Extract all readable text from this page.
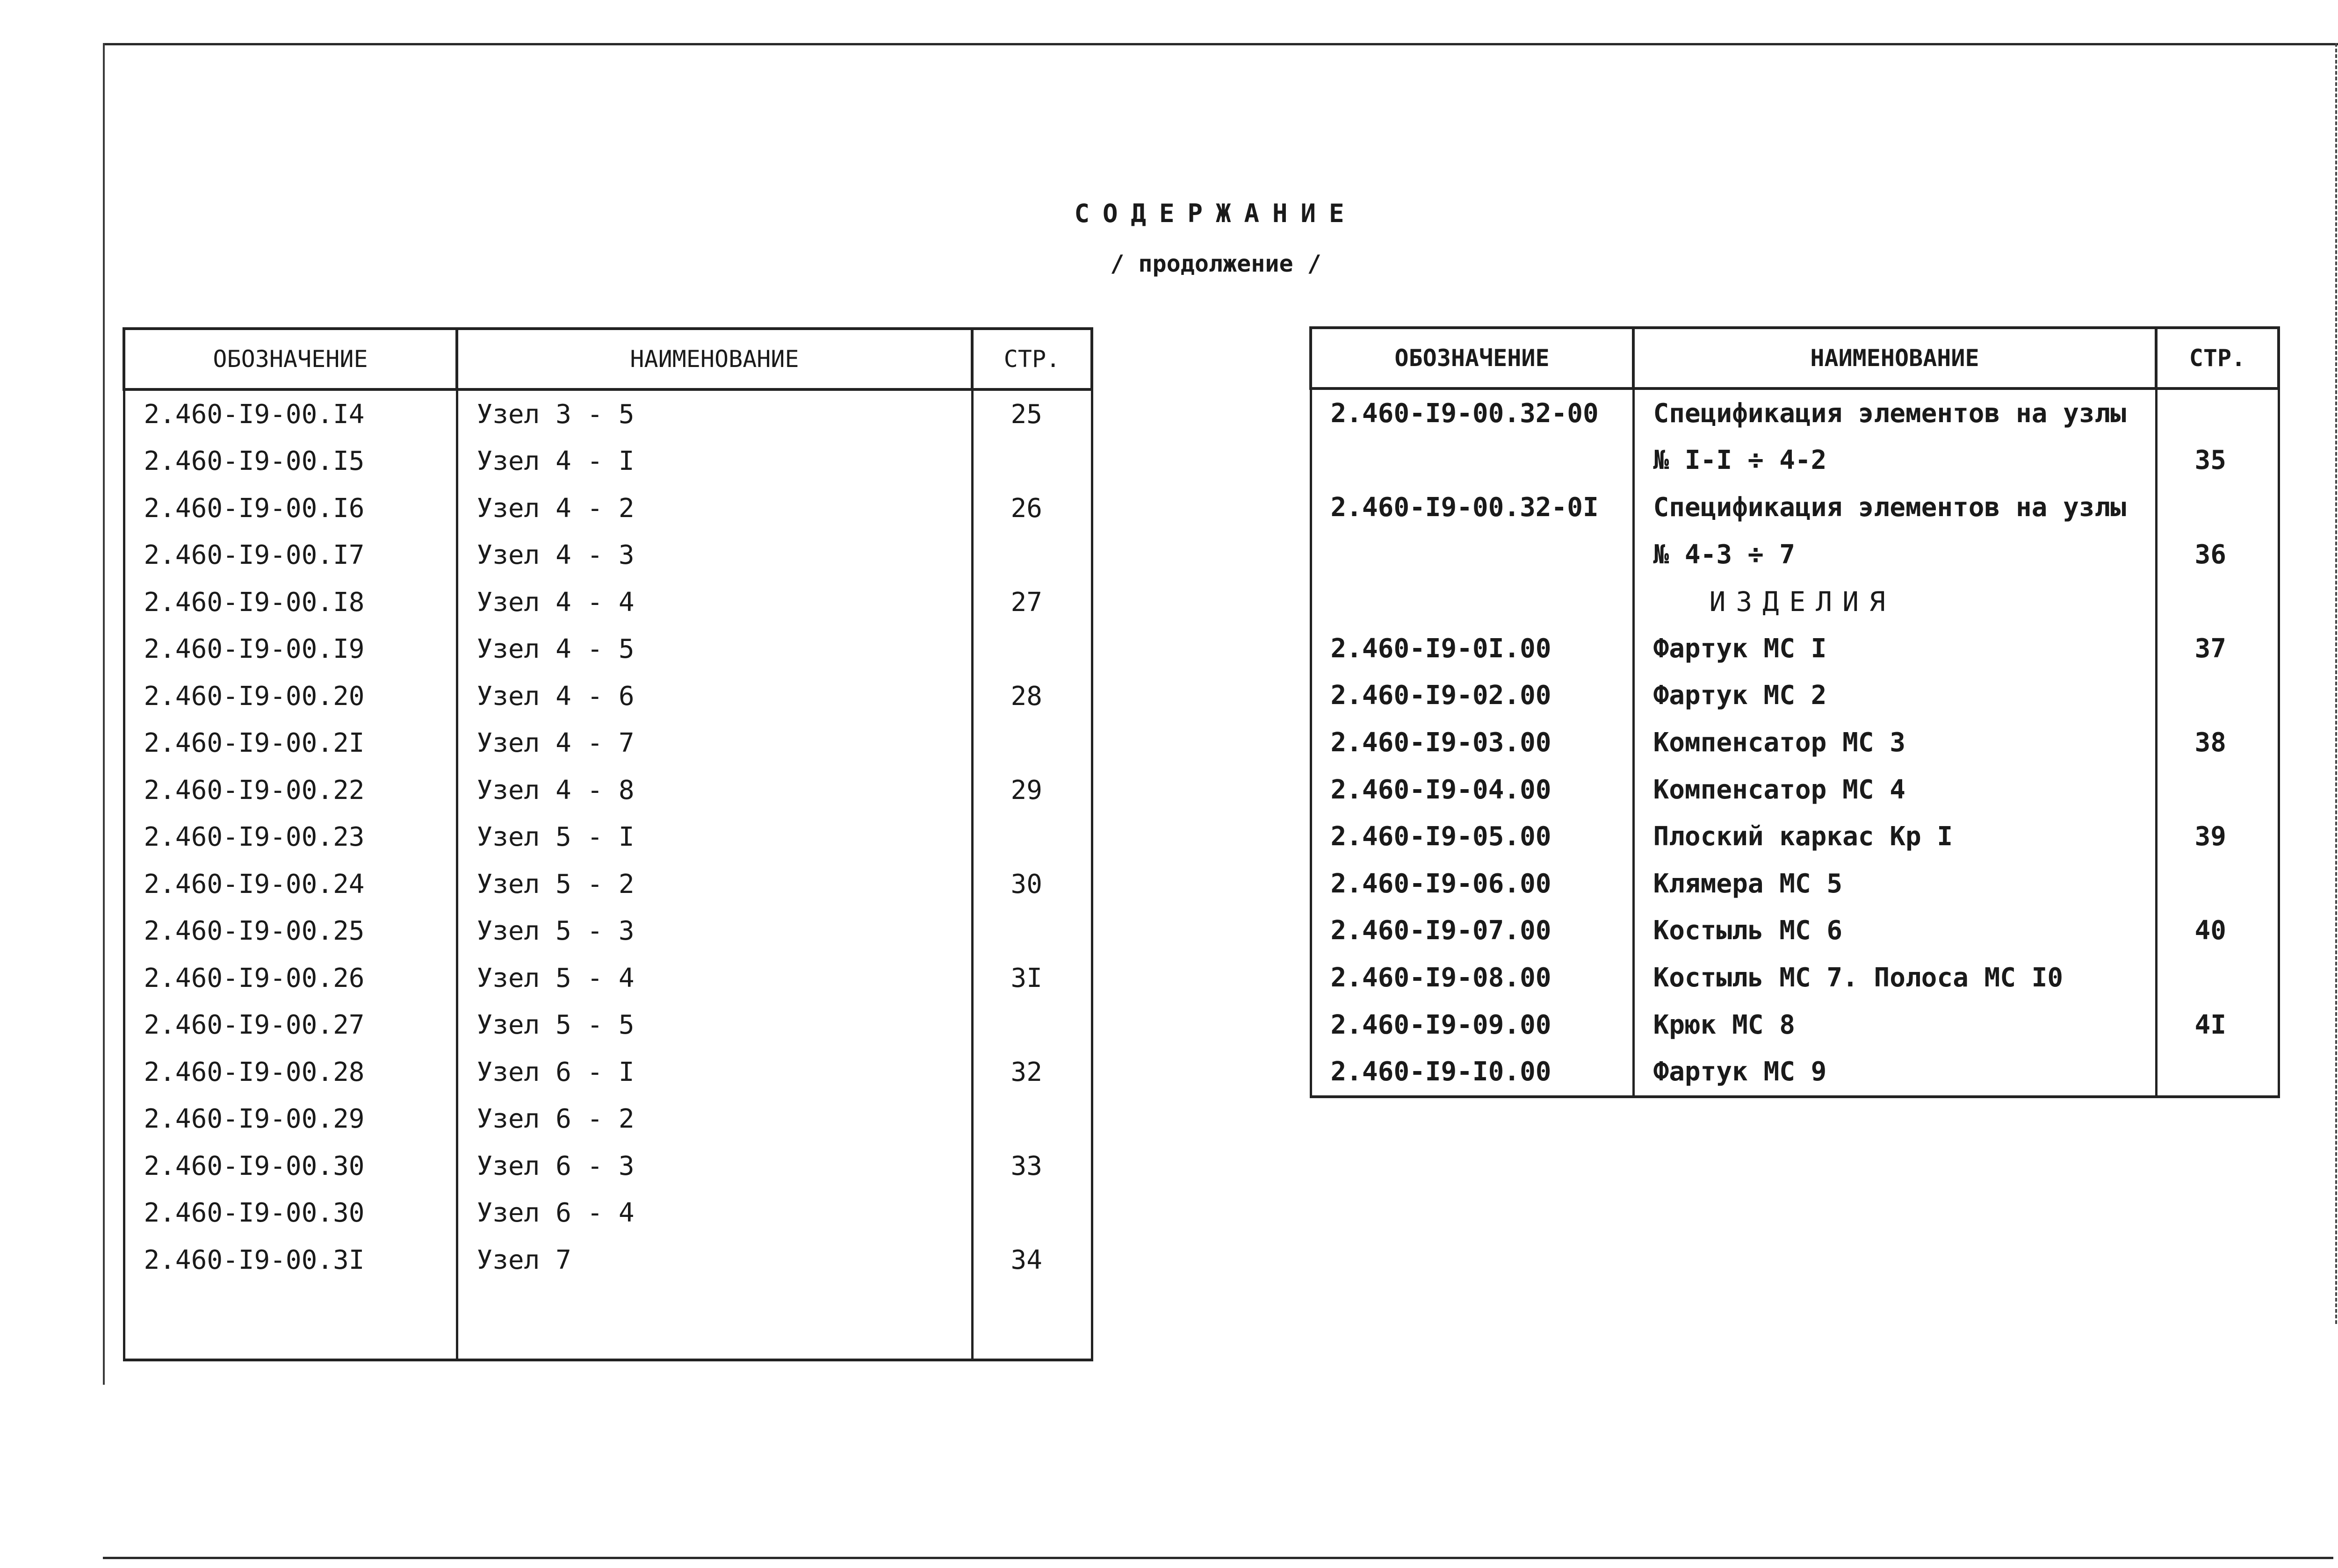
СОДЕРЖАНИЕ
/ продолжение /
ОБОЗНАЧЕНИЕ	НАИМЕНОВАНИЕ	СТР.
2.460-I9-00.I4	Узел 3 - 5	25
2.460-I9-00.I5	Узел 4 - I	
2.460-I9-00.I6	Узел 4 - 2	26
2.460-I9-00.I7	Узел 4 - 3	
2.460-I9-00.I8	Узел 4 - 4	27
2.460-I9-00.I9	Узел 4 - 5	
2.460-I9-00.20	Узел 4 - 6	28
2.460-I9-00.2I	Узел 4 - 7	
2.460-I9-00.22	Узел 4 - 8	29
2.460-I9-00.23	Узел 5 - I	
2.460-I9-00.24	Узел 5 - 2	30
2.460-I9-00.25	Узел 5 - 3	
2.460-I9-00.26	Узел 5 - 4	3I
2.460-I9-00.27	Узел 5 - 5	
2.460-I9-00.28	Узел 6 - I	32
2.460-I9-00.29	Узел 6 - 2	
2.460-I9-00.30	Узел 6 - 3	33
2.460-I9-00.30	Узел 6 - 4	
2.460-I9-00.3I	Узел 7	34

ОБОЗНАЧЕНИЕ	НАИМЕНОВАНИЕ	СТР.
2.460-I9-00.32-00	Спецификация элементов на узлы	
	№ I-I ÷ 4-2	35
2.460-I9-00.32-0I	Спецификация элементов на узлы	
	№ 4-3 ÷ 7	36
	ИЗДЕЛИЯ	
2.460-I9-0I.00	Фартук МС I	37
2.460-I9-02.00	Фартук МС 2	
2.460-I9-03.00	Компенсатор МС 3	38
2.460-I9-04.00	Компенсатор МС 4	
2.460-I9-05.00	Плоский каркас Кр I	39
2.460-I9-06.00	Клямера МС 5	
2.460-I9-07.00	Костыль МС 6	40
2.460-I9-08.00	Костыль МС 7. Полоса МС I0	
2.460-I9-09.00	Крюк МС 8	4I
2.460-I9-I0.00	Фартук МС 9	
